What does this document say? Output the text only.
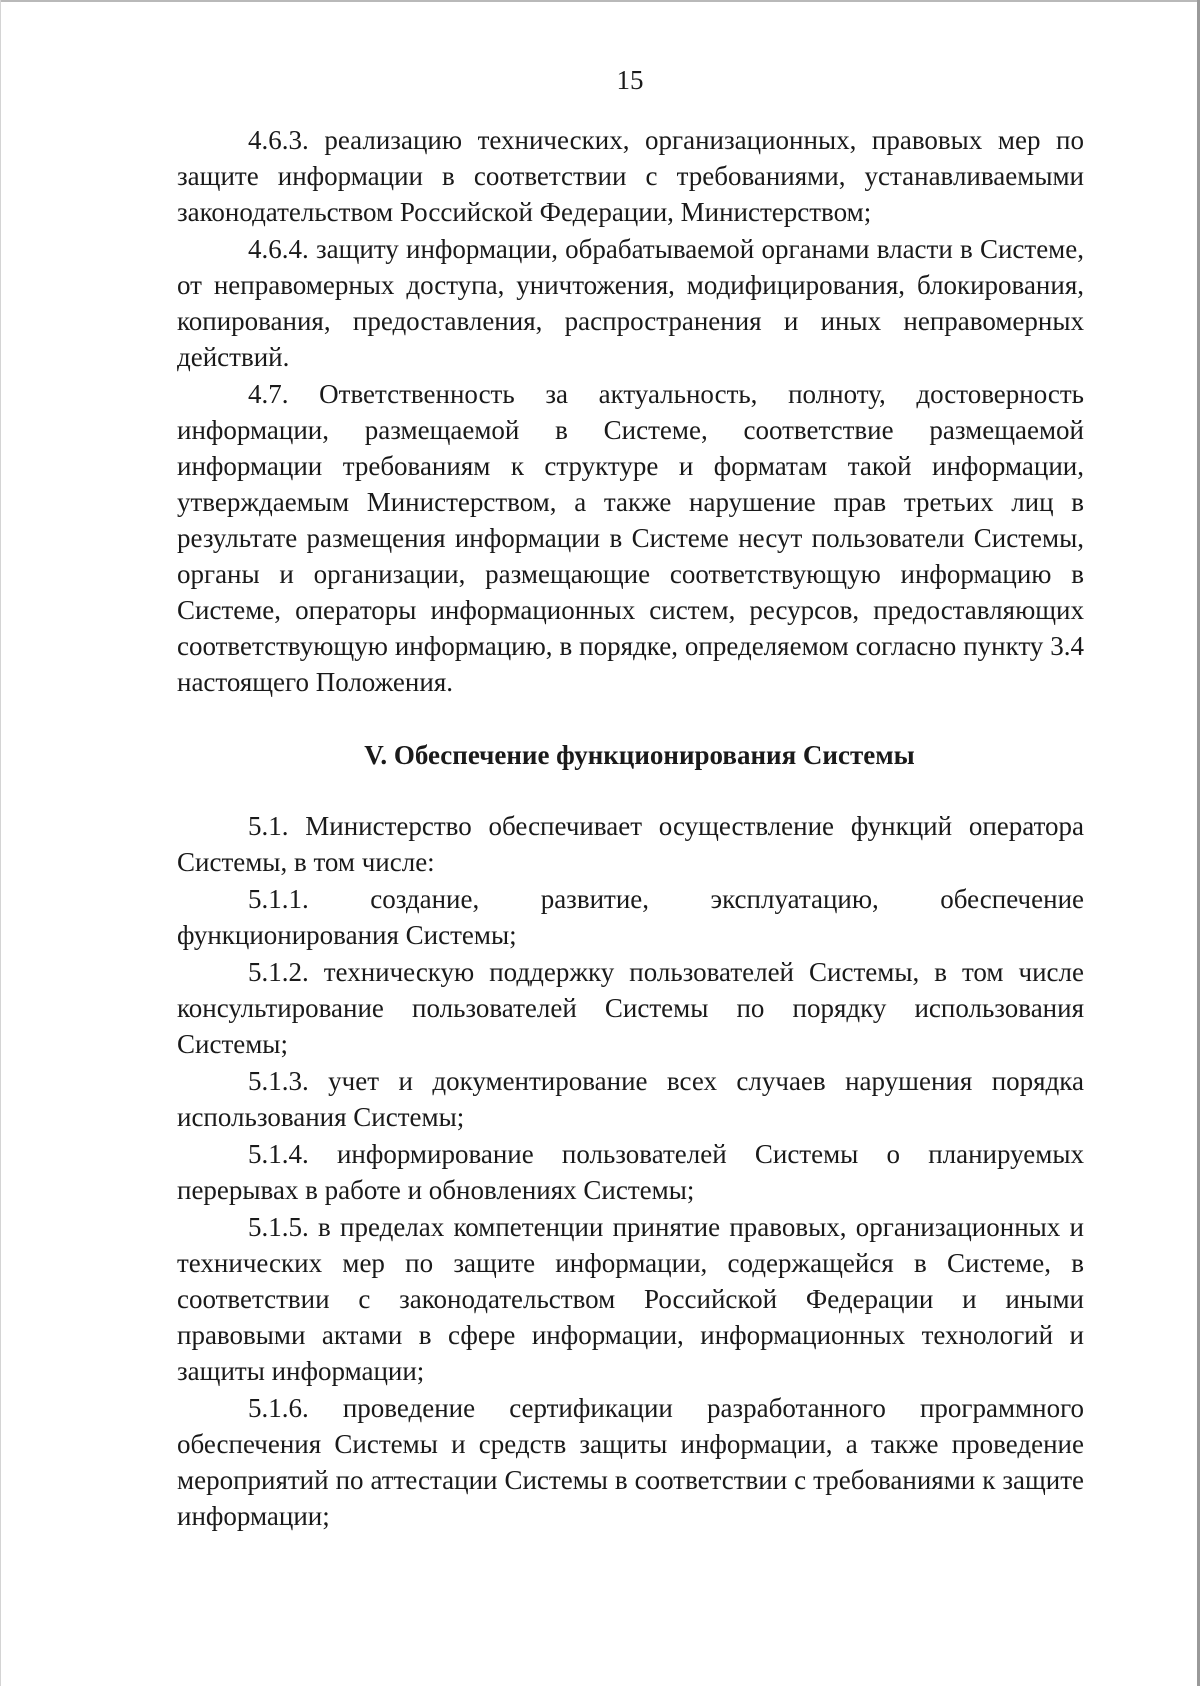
15

4.6.3. реализацию технических, организационных, правовых мер по защите информации в соответствии с требованиями, устанавливаемыми законодательством Российской Федерации, Министерством;

4.6.4. защиту информации, обрабатываемой органами власти в Системе, от неправомерных доступа, уничтожения, модифицирования, блокирования, копирования, предоставления, распространения и иных неправомерных действий.

4.7. Ответственность за актуальность, полноту, достоверность информации, размещаемой в Системе, соответствие размещаемой информации требованиям к структуре и форматам такой информации, утверждаемым Министерством, а также нарушение прав третьих лиц в результате размещения информации в Системе несут пользователи Системы, органы и организации, размещающие соответствующую информацию в Системе, операторы информационных систем, ресурсов, предоставляющих соответствующую информацию, в порядке, определяемом согласно пункту 3.4 настоящего Положения.

V. Обеспечение функционирования Системы

5.1. Министерство обеспечивает осуществление функций оператора Системы, в том числе:

5.1.1. создание, развитие, эксплуатацию, обеспечение функционирования Системы;

5.1.2. техническую поддержку пользователей Системы, в том числе консультирование пользователей Системы по порядку использования Системы;

5.1.3. учет и документирование всех случаев нарушения порядка использования Системы;

5.1.4. информирование пользователей Системы о планируемых перерывах в работе и обновлениях Системы;

5.1.5. в пределах компетенции принятие правовых, организационных и технических мер по защите информации, содержащейся в Системе, в соответствии с законодательством Российской Федерации и иными правовыми актами в сфере информации, информационных технологий и защиты информации;

5.1.6. проведение сертификации разработанного программного обеспечения Системы и средств защиты информации, а также проведение мероприятий по аттестации Системы в соответствии с требованиями к защите информации;
